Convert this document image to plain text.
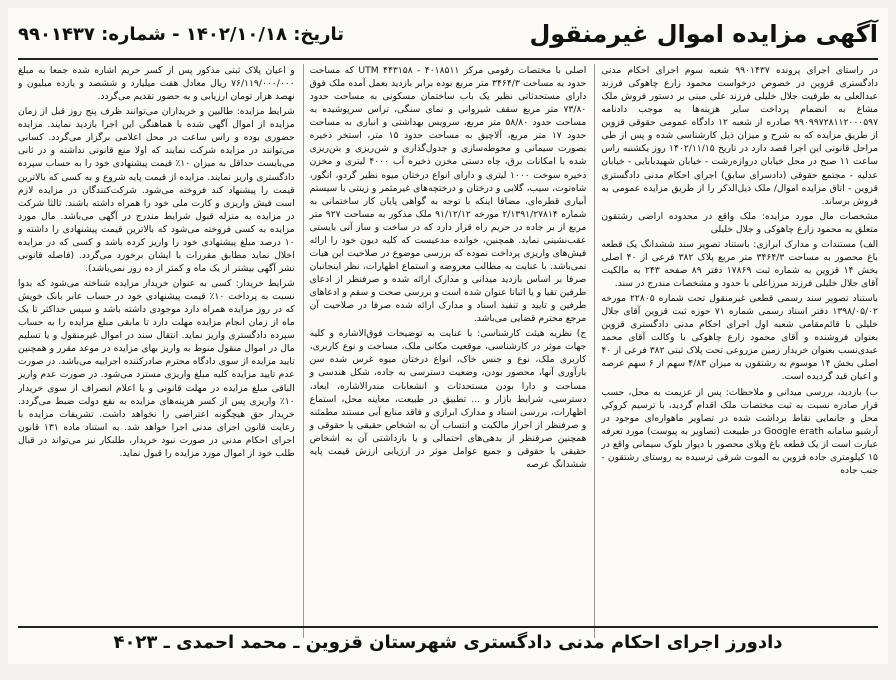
آگهی مزایده اموال غیرمنقول
تاریخ: ۱۴۰۲/۱۰/۱۸ - شماره: ۹۹۰۱۴۳۷

در راستای اجرای پرونده ۹۹۰۱۴۳۷ شعبه سوم اجرای احکام مدنی دادگستری قزوین در خصوص درخواست محمود زارع چاهوکی فرزند عبدالعلی به طرفیت جلال خلیلی فرزند علی مبنی بر دستور فروش ملک مشاع به انضمام پرداخت سایر هزینه‌ها به موجب دادنامه ۹۹۰۹۹۷۲۸۱۱۲۰۰۰۵۹۷ صادره از شعبه ۱۲ دادگاه عمومی حقوقی قزوین از طریق مزایده که به شرح و میزان ذیل کارشناسی شده و پس از طی مراحل قانونی این اجرا قصد دارد در تاریخ ۱۴۰۲/۱۱/۱۵ روز یکشنبه راس ساعت ۱۱ صبح در محل خیابان دروازه‌رشت - خیابان شهیدبابایی - خیابان عدلیه - مجتمع حقوقی (دادسرای سابق) اجرای احکام مدنی دادگستری قزوین - اتاق مزایده اموال/ ملک ذیل‌الذکر را از طریق مزایده عمومی به فروش برساند.

مشخصات مال مورد مزایده: ملک واقع در محدوده اراضی رشتقون متعلق به محمود زارع چاهوکی و جلال خلیلی

الف) مستندات و مدارک ابرازی: باستناد تصویر سند ششدانگ یک قطعه باغ محصور به مساحت ۳۴۶۴/۳ متر مربع پلاک ۳۸۲ فرعی از ۴۰ اصلی بخش ۱۴ قزوین به شماره ثبت ۱۷۸۶۹ دفتر ۸۹ صفحه ۲۴۳ به مالکیت آقای جلال خلیلی فرزند میرزاعلی با حدود و مشخصات مندرج در سند.

باستناد تصویر سند رسمی قطعی غیرمنقول تحت شماره ۲۲۸۰۵ مورخه ۱۳۹۸/۰۵/۰۲ دفتر اسناد رسمی شماره ۷۱ حوزه ثبت قزوین آقای جلال خلیلی با قائم‌مقامی شعبه اول اجرای احکام مدنی دادگستری قزوین بعنوان فروشنده و آقای محمود زارع چاهوکی با وکالت آقای محمد عبدی‌نسب بعنوان خریدار زمین مزروعی تحت پلاک ثبتی ۳۸۲ فرعی از ۴۰ اصلی بخش ۱۴ موسوم به رشتقون به میزان ۴/۸۳ سهم از ۶ سهم عرصه و اعیان قید گردیده است.

ب) بازدید، بررسی میدانی و ملاحظات: پس از عزیمت به محل، حسب قرار صادره نسبت به ثبت مختصات ملک اقدام گردید، با ترسیم کروکی محل و جانمایی نقاط برداشت شده در تصاویر ماهواره‌ای موجود در آرشیو سامانه Google erath در طبیعت (تصاویر به پیوست) مورد تعرفه عبارت است از یک قطعه باغ ویلای محصور با دیوار بلوک سیمانی واقع در ۱۵ کیلومتری جاده قزوین به الموت شرقی ترسیده به روستای رشتقون - جنب جاده

اصلی با مختصات رقومی مرکز ۴۰۱۸۵۱۱ - ۴۴۳۱۵۸ UTM که مساحت حدود به مساحت ۳۴۶۴/۳ متر مربع بوده برابر بازدید بعمل آمده ملک فوق دارای مستحدثاتی نظیر یک باب ساختمان مسکونی به مساحت حدود ۷۳/۸۰ متر مربع سقف شیروانی و نمای سنگی، تراس سرپوشیده به مساحت حدود ۵۸/۸۰ متر مربع، سرویس بهداشتی و انباری به مساحت حدود ۱۷ متر مربع، آلاچیق به مساحت حدود ۱۵ متر، استخر ذخیره بصورت سیمانی و محوطه‌سازی و جدول‌گذاری و شن‌ریزی و بتن‌ریزی شده با امکانات برق، چاه دستی مخزن ذخیره آب ۴۰۰۰ لیتری و مخزن ذخیره سوخت ۱۰۰۰ لیتری و دارای انواع درختان میوه نظیر گردو، انگور، شاه‌توت، سیب، گلابی و درختان و درختچه‌های غیرمثمر و زینتی با سیستم آبیاری قطره‌ای، مضافا اینکه با توجه به گواهی پایان کار ساختمانی به شماره ۲/۱۳۹۱/۲۷۸۱۴ مورخه ۹۱/۱۲/۱۲ ملک مذکور به مساحت ۹۲۷ متر مربع از بر جاده در حریم راه قرار دارد که در ساخت و ساز آتی بایستی عقب‌نشینی نماید. همچنین، خوانده مدعیست که کلیه دیون خود را ارائه فیش‌های واریزی پرداخت نموده که بررسی موضوع در صلاحیت این هیات نمی‌باشد. با عنایت به مطالب معروضه و استماع اظهارات، نظر اینجانبان صرفا بر اساس بازدید میدانی و مدارک ارائه شده و صرفنظر از ادعای طرفین تقیا و یا اثباتا عنوان شده است و بررسی صحت و سقم و ادعاهای طرفین و تایید و تنفیذ اسناد و مدارک ارائه شده صرفا در صلاحیت آن مرجع محترم قضایی می‌باشد.

ج) نظریه هیئت کارشناسی: با عنایت به توضیحات فوق‌الاشاره و کلیه جهات موثر در کارشناسی، موقعیت مکانی ملک، مساحت و نوع کاربری، کاربری ملک، نوع و جنس خاک، انواع درختان میوه غرس شده سن بارآوری آنها، محصور بودن، وضعیت دسترسی به جاده، شکل هندسی و مساحت و دارا بودن مستحدثات و انشعابات مندرالاشاره، ابعاد، دسترسی، شرایط بازار و ... تطبیق در طبیعت، معاینه محل، استماع اظهارات، بررسی اسناد و مدارک ابرازی و فاقد منابع آبی مستند مطمئنه و صرفنظر از احراز مالکیت و انتساب آن به اشخاص حقیقی یا حقوقی و همچنین صرفنظر از بدهی‌های احتمالی و یا بازداشتی آن به اشخاص حقیقی یا حقوقی و جمیع عوامل موثر در ارزیابی ارزش قیمت پایه ششدانگ عرصه

و اعیان پلاک ثبتی مذکور پس از کسر حریم اشاره شده جمعا به مبلغ ۷۶/۱۱۹/۰۰۰/۰۰۰ ریال معادل هفت میلیارد و ششصد و یازده میلیون و نهصد هزار تومان ارزیابی و به حضور تقدیم می‌گردد.

شرایط مزایده: طالبین و خریداران می‌توانند ظرف پنج روز قبل از زمان مزایده از اموال آگهی شده با هماهنگی این اجرا بازدید نمایند. مزایده حضوری بوده و راس ساعت در محل اعلامی برگزار می‌گردد. کسانی می‌توانند در مزایده شرکت نمایند که اولا منع قانونی نداشته و در ثانی می‌بایست حداقل به میزان ۱۰٪ قیمت پیشنهادی خود را به حساب سپرده دادگستری واریز نمایند. مزایده از قیمت پایه شروع و به کسی که بالاترین قیمت را پیشنهاد کند فروخته می‌شود. شرکت‌کنندگان در مزایده لازم است فیش واریزی و کارت ملی خود را همراه داشته باشند. ثالثا شرکت در مزایده به منزله قبول شرایط مندرج در آگهی می‌باشد. مال مورد مزایده به کسی فروخته می‌شود که بالاترین قیمت پیشنهادی را داشته و ۱۰ درصد مبلغ پیشنهادی خود را واریز کرده باشد و کسی که در مزایده اخلال نماید مطابق مقررات با ایشان برخورد می‌گردد. (فاصله قانونی نشر آگهی بیشتر از یک ماه و کمتر از ده روز نمی‌باشد).

شرایط خریدار: کسی به عنوان خریدار مزایده شناخته می‌شود که بدوا نسبت به پرداخت ۱۰٪ قیمت پیشنهادی خود در حساب عابر بانک خویش که در روز مزایده همراه دارد موجودی داشته باشد و سپس حداکثر تا یک ماه از زمان انجام مزایده مهلت دارد تا مابقی مبلغ مزایده را به حساب سپرده دادگستری واریز نماید. انتقال سند در اموال غیرمنقول و یا تسلیم مال در اموال منقول منوط به واریز بهای مزایده در موعد مقرر و همچنین تایید مزایده از سوی دادگاه محترم صادرکننده اجراییه می‌باشد. در صورت عدم تایید مزایده کلیه مبلغ واریزی مسترد می‌شود. در صورت عدم واریز الباقی مبلغ مزایده در مهلت قانونی و یا اعلام انصراف از سوی خریدار ۱۰٪ واریزی پس از کسر هزینه‌های مزایده به نفع دولت ضبط می‌گردد. خریدار حق هیچگونه اعتراضی را نخواهد داشت. تشریفات مزایده با رعایت قانون اجرای مدنی اجرا خواهد شد. به استناد ماده ۱۳۱ قانون اجرای احکام مدنی در صورت نبود خریدار، طلبکار نیز می‌تواند در قبال طلب خود از اموال مورد مزایده را قبول نماید.

دادورز اجرای احکام مدنی دادگستری شهرستان قزوین ـ محمد احمدی ـ ۴۰۲۳
